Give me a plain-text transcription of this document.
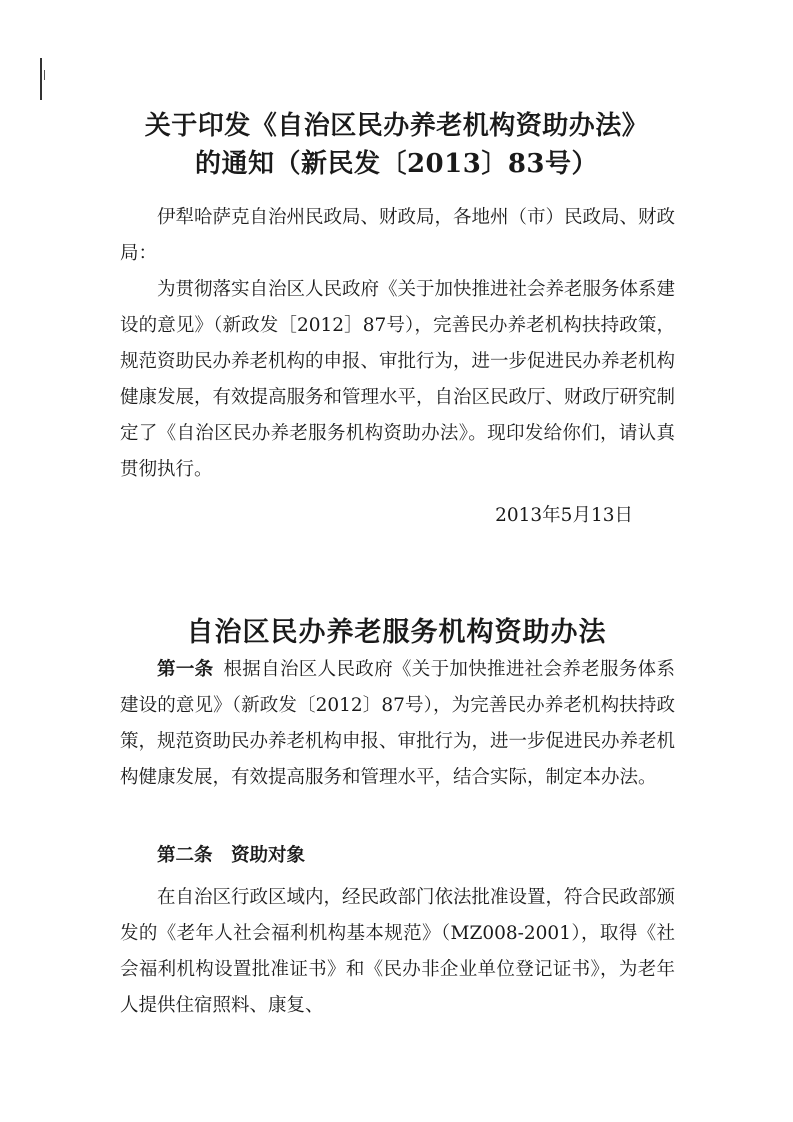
关于印发《自治区民办养老机构资助办法》
的通知（新民发〔2013〕83号）

伊犁哈萨克自治州民政局、财政局，各地州（市）民政局、财政局：

为贯彻落实自治区人民政府《关于加快推进社会养老服务体系建设的意见》（新政发［2012］87号），完善民办养老机构扶持政策，规范资助民办养老机构的申报、审批行为，进一步促进民办养老机构健康发展，有效提高服务和管理水平，自治区民政厅、财政厅研究制定了《自治区民办养老服务机构资助办法》。现印发给你们，请认真贯彻执行。

2013年5月13日
自治区民办养老服务机构资助办法

第一条 根据自治区人民政府《关于加快推进社会养老服务体系建设的意见》（新政发〔2012〕87号），为完善民办养老机构扶持政策，规范资助民办养老机构申报、审批行为，进一步促进民办养老机构健康发展，有效提高服务和管理水平，结合实际，制定本办法。

第二条　资助对象

在自治区行政区域内，经民政部门依法批准设置，符合民政部颁发的《老年人社会福利机构基本规范》（MZ008-2001），取得《社会福利机构设置批准证书》和《民办非企业单位登记证书》，为老年人提供住宿照料、康复、
